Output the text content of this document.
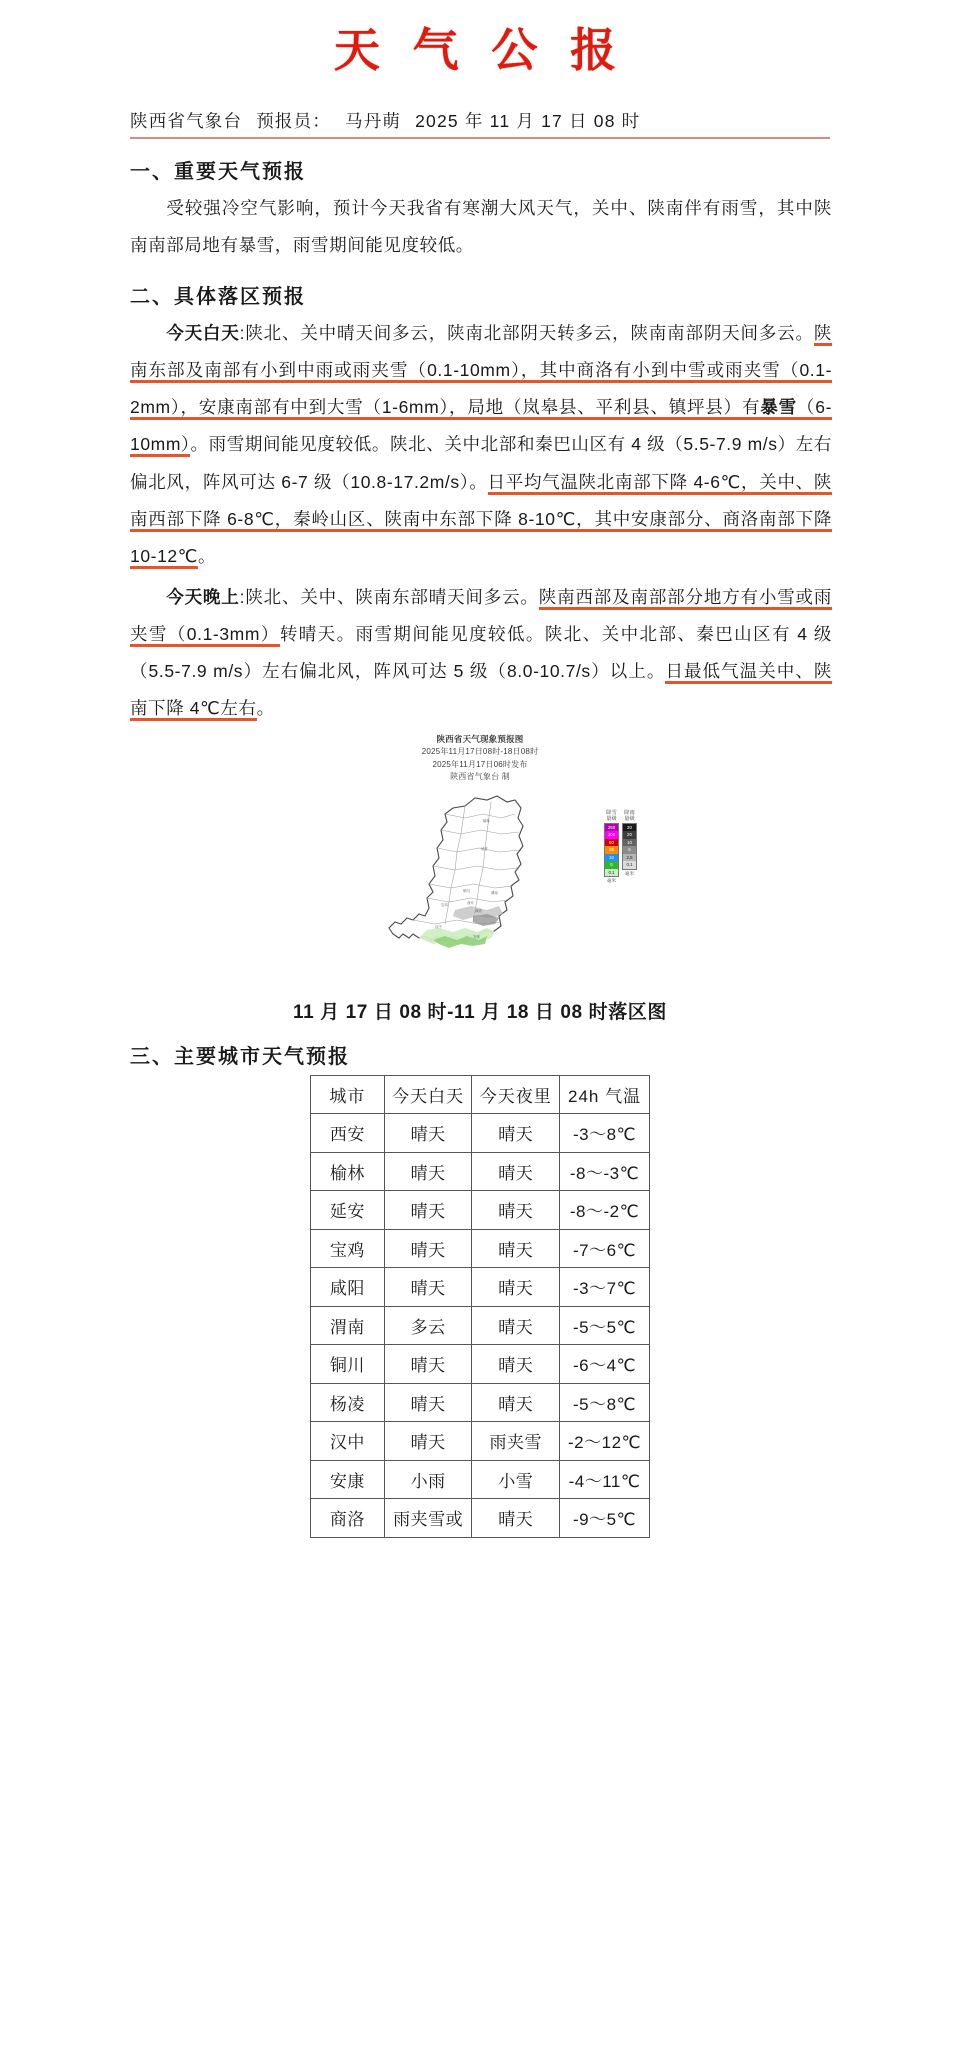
天 气 公 报
陕西省气象台 预报员： 马丹萌 2025 年 11 月 17 日 08 时
一、重要天气预报
受较强冷空气影响，预计今天我省有寒潮大风天气，关中、陕南伴有雨雪，其中陕南南部局地有暴雪，雨雪期间能见度较低。
二、具体落区预报
今天白天:陕北、关中晴天间多云，陕南北部阴天转多云，陕南南部阴天间多云。陕南东部及南部有小到中雨或雨夹雪（0.1-10mm），其中商洛有小到中雪或雨夹雪（0.1-2mm），安康南部有中到大雪（1-6mm），局地（岚皋县、平利县、镇坪县）有暴雪（6-10mm）。雨雪期间能见度较低。陕北、关中北部和秦巴山区有 4 级（5.5-7.9 m/s）左右偏北风，阵风可达 6-7 级（10.8-17.2m/s）。日平均气温陕北南部下降 4-6℃，关中、陕南西部下降 6-8℃，秦岭山区、陕南中东部下降 8-10℃，其中安康部分、商洛南部下降 10-12℃。
今天晚上:陕北、关中、陕南东部晴天间多云。陕南西部及南部部分地方有小雪或雨夹雪（0.1-3mm）转晴天。雨雪期间能见度较低。陕北、关中北部、秦巴山区有 4 级（5.5-7.9 m/s）左右偏北风，阵风可达 5 级（8.0-10.7/s）以上。日最低气温关中、陕南下降 4℃左右。
陕西省天气现象预报图
2025年11月17日08时-18日08时
2025年11月17日06时发布
陕西省气象台 制
榆林
延安
铜川	渭南
宝鸡	西安
商洛
汉中
安康
降雪量级
250
100
50
25
10
5
0.1
毫米
降雨量级
30
20
10
5
2.5
0.1
毫米
11 月 17 日 08 时-11 月 18 日 08 时落区图
三、主要城市天气预报
城市	今天白天	今天夜里	24h 气温
西安	晴天	晴天	-3～8℃
榆林	晴天	晴天	-8～-3℃
延安	晴天	晴天	-8～-2℃
宝鸡	晴天	晴天	-7～6℃
咸阳	晴天	晴天	-3～7℃
渭南	多云	晴天	-5～5℃
铜川	晴天	晴天	-6～4℃
杨凌	晴天	晴天	-5～8℃
汉中	晴天	雨夹雪	-2～12℃
安康	小雨	小雪	-4～11℃
商洛	雨夹雪或	晴天	-9～5℃
